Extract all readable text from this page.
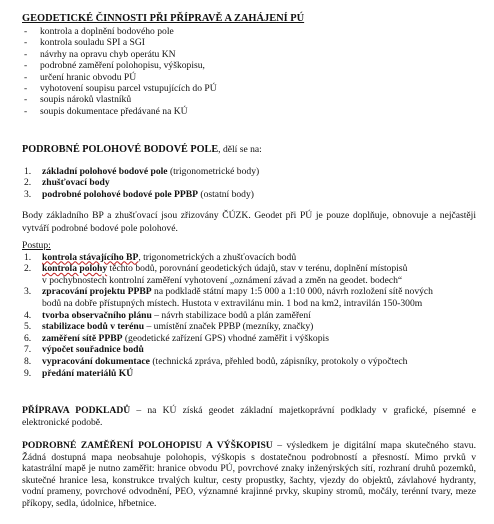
GEODETICKÉ ČINNOSTI PŘI PŘÍPRAVĚ A ZAHÁJENÍ PÚ
- kontrola a doplnění bodového pole
- kontrola souladu SPI a SGI
- návrhy na opravu chyb operátu KN
- podrobné zaměření polohopisu, výškopisu,
- určení hranic obvodu PÚ
- vyhotovení soupisu parcel vstupujících do PÚ
- soupis nároků vlastníků
- soupis dokumentace předávané na KÚ
PODROBNÉ POLOHOVÉ BODOVÉ POLE, dělí se na:
1. základní polohové bodové pole (trigonometrické body)
2. zhušťovací body
3. podrobné polohové bodové pole PPBP (ostatní body)
Body základního BP a zhušťovací jsou zřizovány ČÚZK. Geodet při PÚ je pouze doplňuje, obnovuje a nejčastěji vytváří podrobné bodové pole polohové.
Postup:
1. kontrola stávajícího BP, trigonometrických a zhušťovacích bodů
2. kontrola polohy těchto bodů, porovnání geodetických údajů, stav v terénu, doplnění místopisů
v pochybnostech kontrolní zaměření vyhotovení „oznámení závad a změn na geodet. bodech“
3. zpracování projektu PPBP na podkladě státní mapy 1:5 000 a 1:10 000, návrh rozložení sítě nových
bodů na dobře přístupných místech. Hustota v extravilánu min. 1 bod na km2, intravilán 150-300m
4. tvorba observačního plánu – návrh stabilizace bodů a plán zaměření
5. stabilizace bodů v terénu – umístění značek PPBP (mezníky, značky)
6. zaměření sítě PPBP (geodetické zařízení GPS) vhodné zaměřit i výškopis
7. výpočet souřadnice bodů
8. vypracování dokumentace (technická zpráva, přehled bodů, zápisníky, protokoly o výpočtech
9. předání materiálů KÚ
PŘÍPRAVA PODKLADŮ – na KÚ získá geodet základní majetkoprávní podklady v grafické, písemné e elektronické podobě.
PODROBNÉ ZAMĚŘENÍ POLOHOPISU A VÝŠKOPISU – výsledkem je digitální mapa skutečného stavu. Žádná dostupná mapa neobsahuje polohopis, výškopis s dostatečnou podrobností a přesností. Mimo prvků v katastrální mapě je nutno zaměřit: hranice obvodu PÚ, povrchové znaky inženýrských sítí, rozhraní druhů pozemků, skutečné hranice lesa, konstrukce trvalých kultur, cesty propustky, šachty, vjezdy do objektů, závlahové hydranty, vodní prameny, povrchové odvodnění, PEO, významné krajinné prvky, skupiny stromů, močály, terénní tvary, meze příkopy, sedla, údolnice, hřbetnice.
